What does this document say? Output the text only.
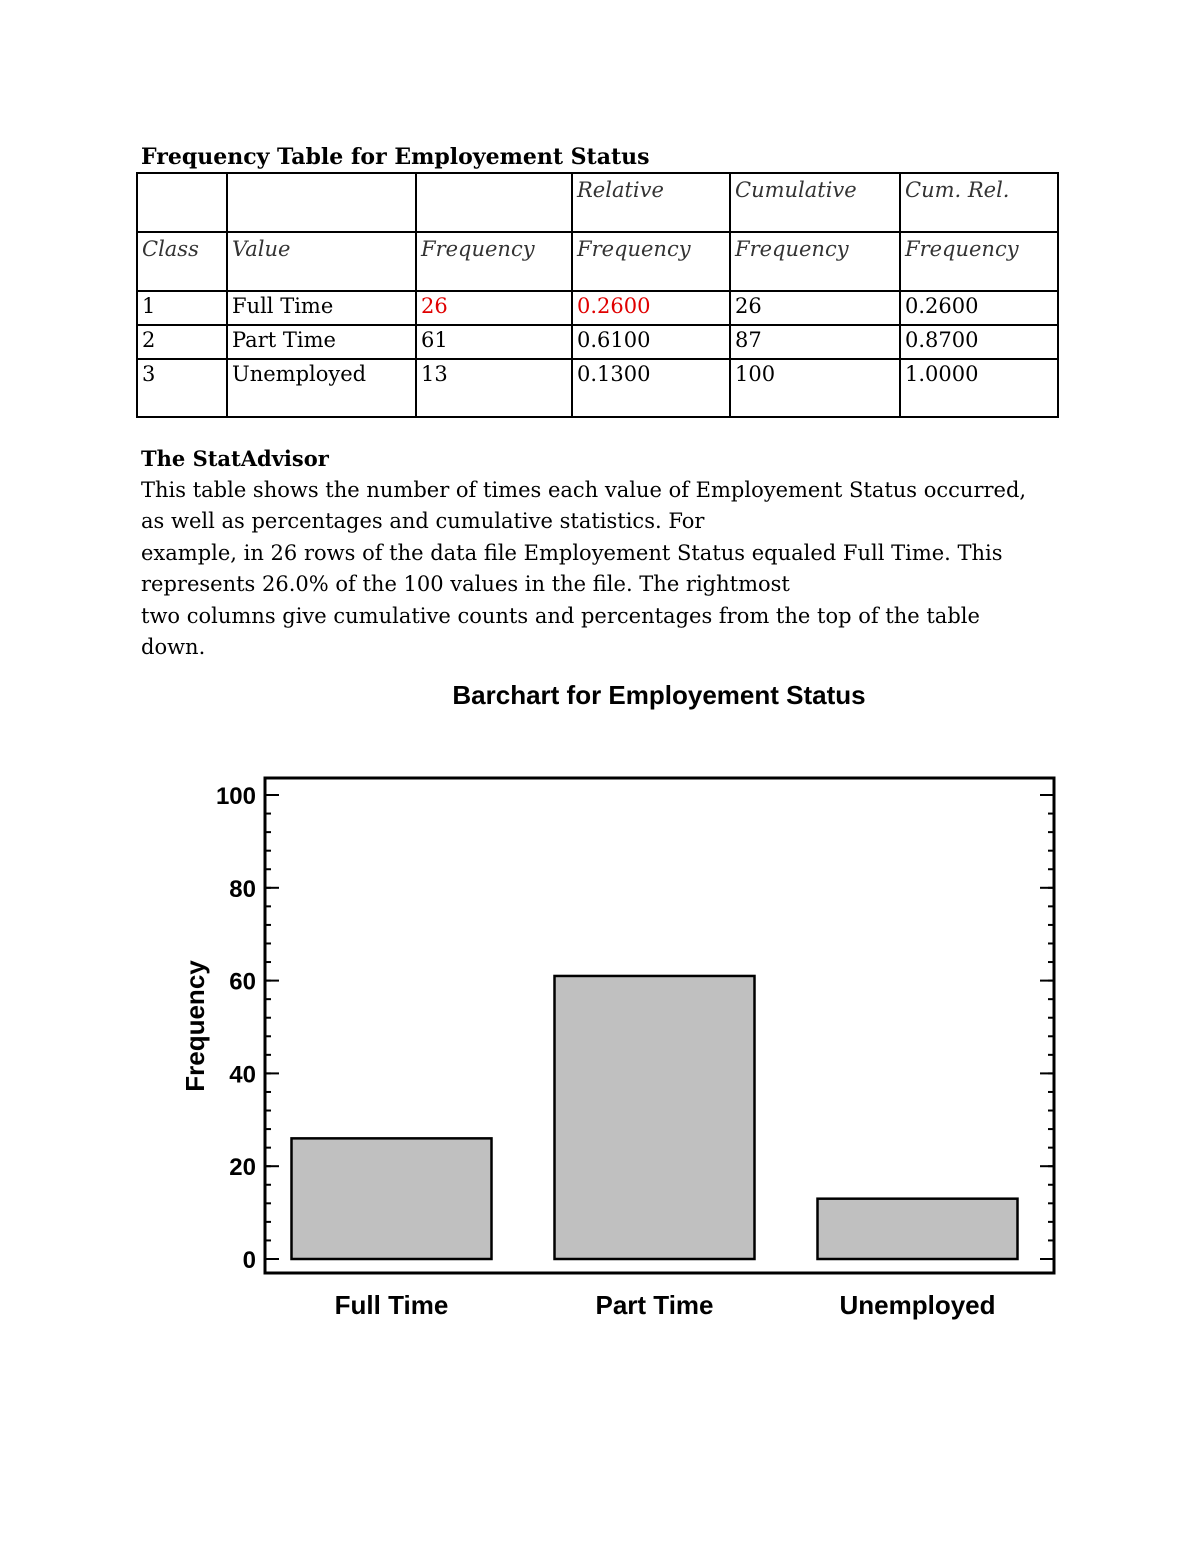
Frequency Table for Employement Status

			Relative	Cumulative	Cum. Rel.
Class	Value	Frequency	Frequency	Frequency	Frequency
1	Full Time	26	0.2600	26	0.2600
2	Part Time	61	0.6100	87	0.8700
3	Unemployed	13	0.1300	100	1.0000

The StatAdvisor

This table shows the number of times each value of Employement Status occurred,

as well as percentages and cumulative statistics. For

example, in 26 rows of the data file Employement Status equaled Full Time. This

represents 26.0% of the 100 values in the file. The rightmost

two columns give cumulative counts and percentages from the top of the table

down.

Barchart for Employement Status
0
20
40
60
80
100
Frequency
Full Time	Part Time	Unemployed
